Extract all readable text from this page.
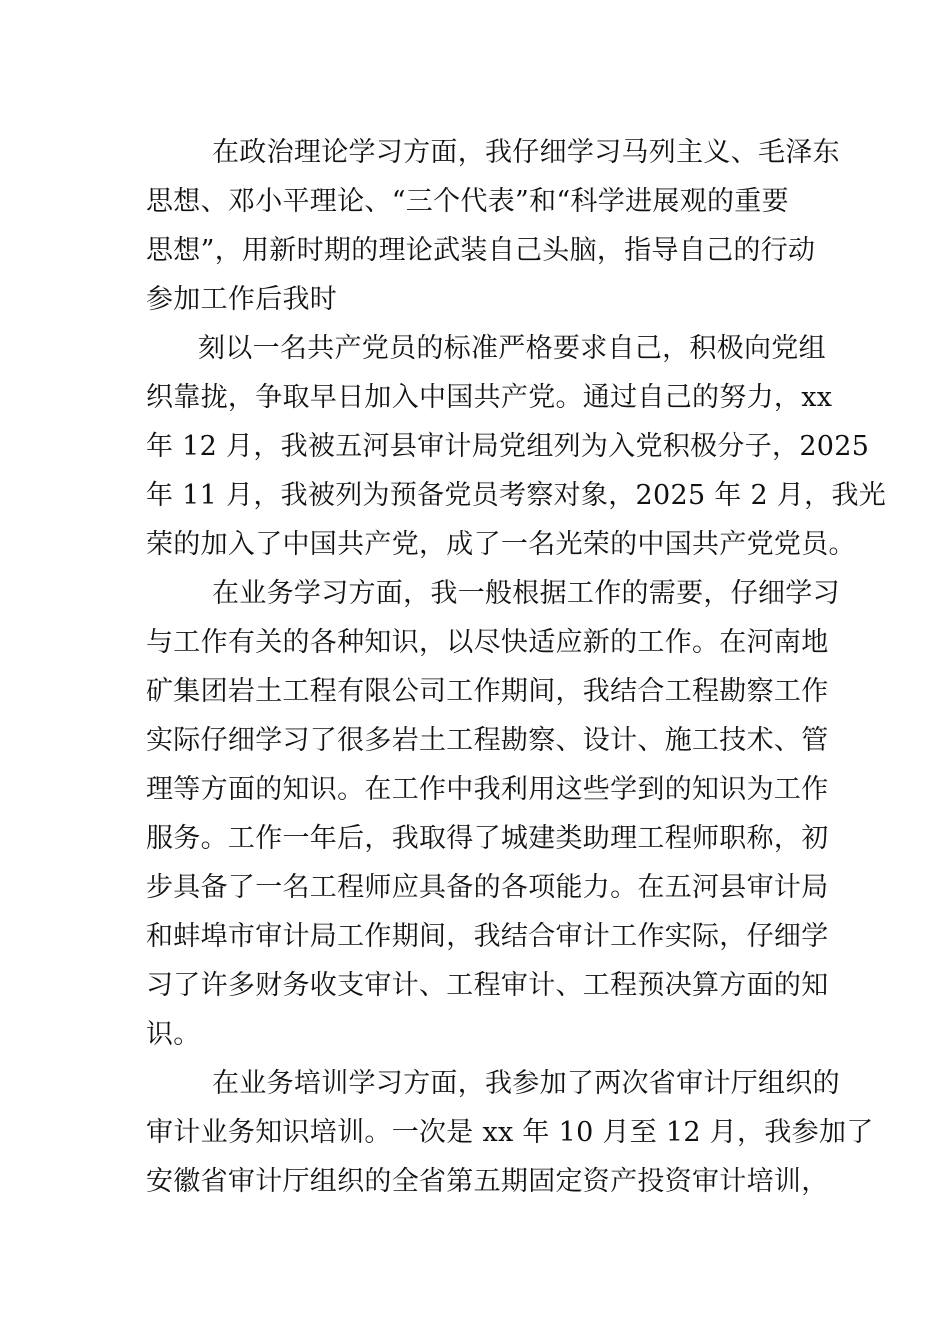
在政治理论学习方面，我仔细学习马列主义、毛泽东
思想、邓小平理论、“三个代表”和“科学进展观的重要
思想”，用新时期的理论武装自己头脑，指导自己的行动
参加工作后我时
刻以一名共产党员的标准严格要求自己，积极向党组
织靠拢，争取早日加入中国共产党。通过自己的努力，xx
年 12 月，我被五河县审计局党组列为入党积极分子，2025
年 11 月，我被列为预备党员考察对象，2025 年 2 月，我光
荣的加入了中国共产党，成了一名光荣的中国共产党党员。
在业务学习方面，我一般根据工作的需要，仔细学习
与工作有关的各种知识，以尽快适应新的工作。在河南地
矿集团岩土工程有限公司工作期间，我结合工程勘察工作
实际仔细学习了很多岩土工程勘察、设计、施工技术、管
理等方面的知识。在工作中我利用这些学到的知识为工作
服务。工作一年后，我取得了城建类助理工程师职称，初
步具备了一名工程师应具备的各项能力。在五河县审计局
和蚌埠市审计局工作期间，我结合审计工作实际，仔细学
习了许多财务收支审计、工程审计、工程预决算方面的知
识。
在业务培训学习方面，我参加了两次省审计厅组织的
审计业务知识培训。一次是 xx 年 10 月至 12 月，我参加了
安徽省审计厅组织的全省第五期固定资产投资审计培训，
